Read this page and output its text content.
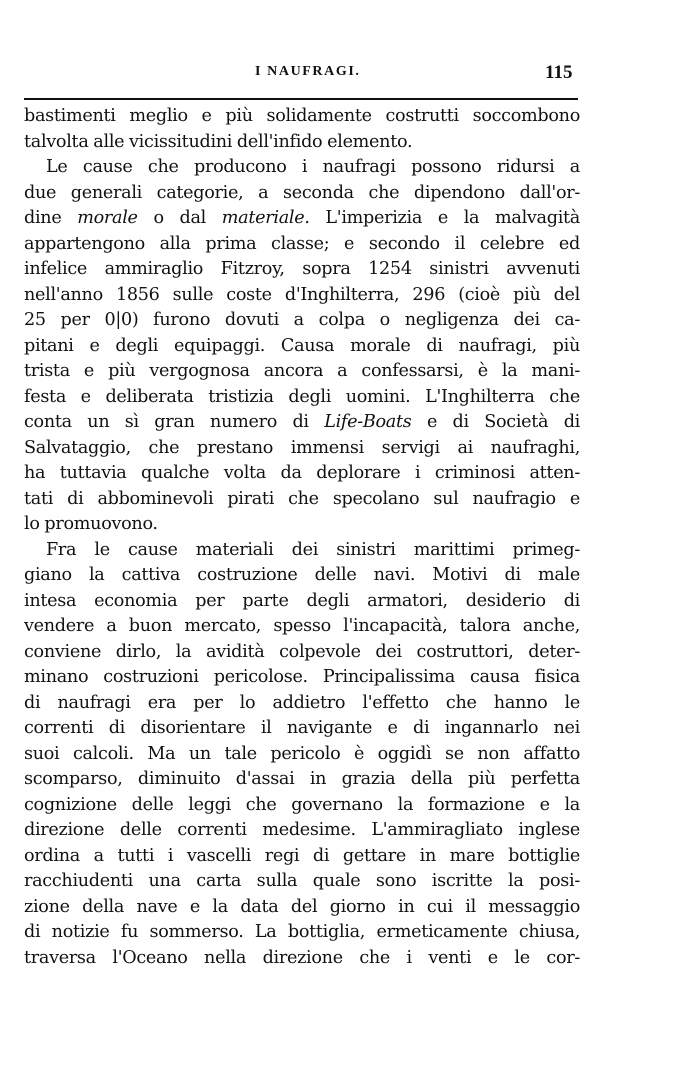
I NAUFRAGI.	115
bastimenti meglio e più solidamente costrutti soccombono
talvolta alle vicissitudini dell'infido elemento.
Le cause che producono i naufragi possono ridursi a
due generali categorie, a seconda che dipendono dall'or-
dine morale o dal materiale. L'imperizia e la malvagità
appartengono alla prima classe; e secondo il celebre ed
infelice ammiraglio Fitzroy, sopra 1254 sinistri avvenuti
nell'anno 1856 sulle coste d'Inghilterra, 296 (cioè più del
25 per 0|0) furono dovuti a colpa o negligenza dei ca-
pitani e degli equipaggi. Causa morale di naufragi, più
trista e più vergognosa ancora a confessarsi, è la mani-
festa e deliberata tristizia degli uomini. L'Inghilterra che
conta un sì gran numero di Life-Boats e di Società di
Salvataggio, che prestano immensi servigi ai naufraghi,
ha tuttavia qualche volta da deplorare i criminosi atten-
tati di abbominevoli pirati che specolano sul naufragio e
lo promuovono.
Fra le cause materiali dei sinistri marittimi primeg-
giano la cattiva costruzione delle navi. Motivi di male
intesa economia per parte degli armatori, desiderio di
vendere a buon mercato, spesso l'incapacità, talora anche,
conviene dirlo, la avidità colpevole dei costruttori, deter-
minano costruzioni pericolose. Principalissima causa fisica
di naufragi era per lo addietro l'effetto che hanno le
correnti di disorientare il navigante e di ingannarlo nei
suoi calcoli. Ma un tale pericolo è oggidì se non affatto
scomparso, diminuito d'assai in grazia della più perfetta
cognizione delle leggi che governano la formazione e la
direzione delle correnti medesime. L'ammiragliato inglese
ordina a tutti i vascelli regi di gettare in mare bottiglie
racchiudenti una carta sulla quale sono iscritte la posi-
zione della nave e la data del giorno in cui il messaggio
di notizie fu sommerso. La bottiglia, ermeticamente chiusa,
traversa l'Oceano nella direzione che i venti e le cor-
